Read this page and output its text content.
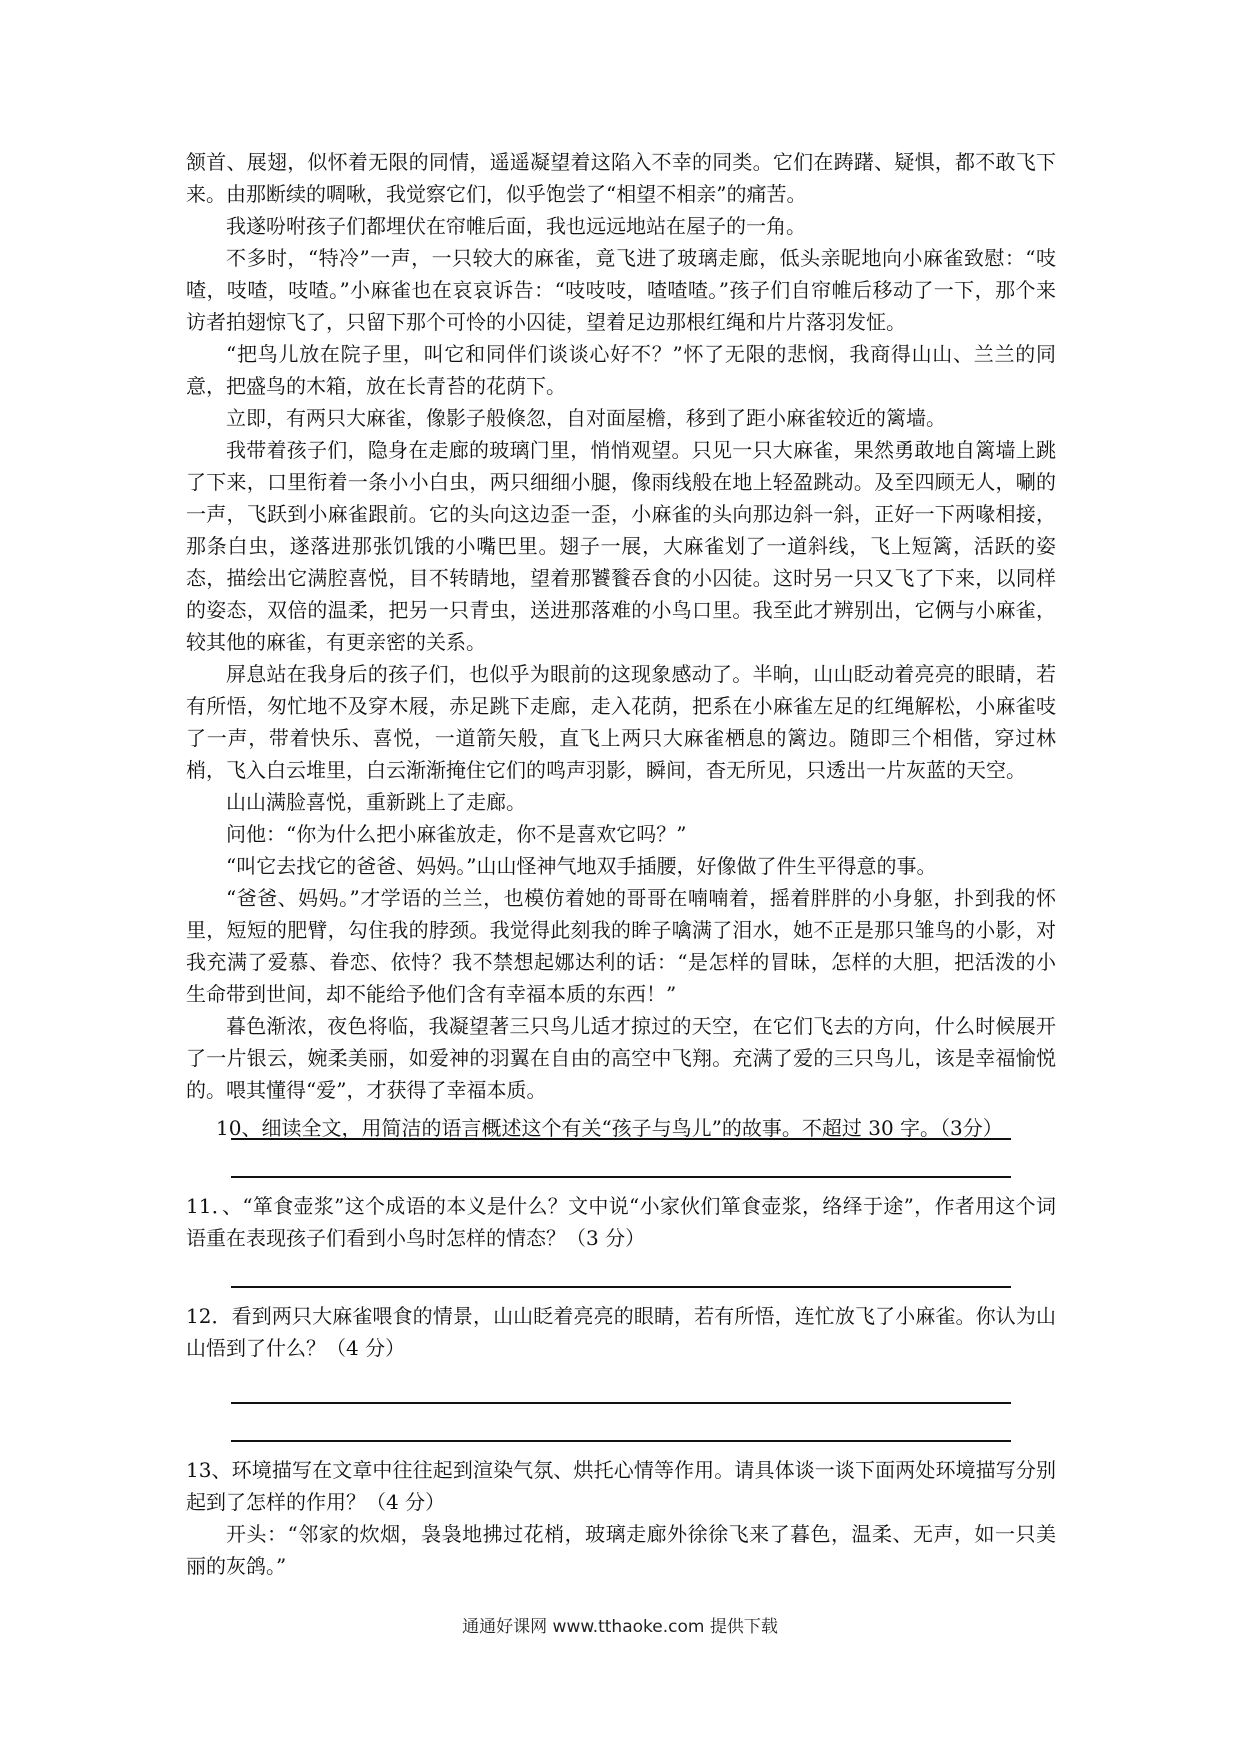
颔首、展翅，似怀着无限的同情，遥遥凝望着这陷入不幸的同类。它们在踌躇、疑惧，都不敢飞下来。由那断续的啁啾，我觉察它们，似乎饱尝了“相望不相亲”的痛苦。

我遂吩咐孩子们都埋伏在帘帷后面，我也远远地站在屋子的一角。

不多时，“特冷”一声，一只较大的麻雀，竟飞进了玻璃走廊，低头亲昵地向小麻雀致慰：“吱喳，吱喳，吱喳。”小麻雀也在哀哀诉告：“吱吱吱，喳喳喳。”孩子们自帘帷后移动了一下，那个来访者拍翅惊飞了，只留下那个可怜的小囚徒，望着足边那根红绳和片片落羽发怔。

“把鸟儿放在院子里，叫它和同伴们谈谈心好不？”怀了无限的悲悯，我商得山山、兰兰的同意，把盛鸟的木箱，放在长青苔的花荫下。

立即，有两只大麻雀，像影子般倏忽，自对面屋檐，移到了距小麻雀较近的篱墙。

我带着孩子们，隐身在走廊的玻璃门里，悄悄观望。只见一只大麻雀，果然勇敢地自篱墙上跳了下来，口里衔着一条小小白虫，两只细细小腿，像雨线般在地上轻盈跳动。及至四顾无人，唰的一声，飞跃到小麻雀跟前。它的头向这边歪一歪，小麻雀的头向那边斜一斜，正好一下两喙相接，那条白虫，遂落进那张饥饿的小嘴巴里。翅子一展，大麻雀划了一道斜线，飞上短篱，活跃的姿态，描绘出它满腔喜悦，目不转睛地，望着那饕餮吞食的小囚徒。这时另一只又飞了下来，以同样的姿态，双倍的温柔，把另一只青虫，送进那落难的小鸟口里。我至此才辨别出，它俩与小麻雀，较其他的麻雀，有更亲密的关系。

屏息站在我身后的孩子们，也似乎为眼前的这现象感动了。半晌，山山眨动着亮亮的眼睛，若有所悟，匆忙地不及穿木屐，赤足跳下走廊，走入花荫，把系在小麻雀左足的红绳解松，小麻雀吱了一声，带着快乐、喜悦，一道箭矢般，直飞上两只大麻雀栖息的篱边。随即三个相偕，穿过林梢，飞入白云堆里，白云渐渐掩住它们的鸣声羽影，瞬间，杳无所见，只透出一片灰蓝的天空。

山山满脸喜悦，重新跳上了走廊。

问他：“你为什么把小麻雀放走，你不是喜欢它吗？”

“叫它去找它的爸爸、妈妈。”山山怪神气地双手插腰，好像做了件生平得意的事。

“爸爸、妈妈。”才学语的兰兰，也模仿着她的哥哥在喃喃着，摇着胖胖的小身躯，扑到我的怀里，短短的肥臂，勾住我的脖颈。我觉得此刻我的眸子噙满了泪水，她不正是那只雏鸟的小影，对我充满了爱慕、眷恋、依恃？我不禁想起娜达利的话：“是怎样的冒昧，怎样的大胆，把活泼的小生命带到世间，却不能给予他们含有幸福本质的东西！”

暮色渐浓，夜色将临，我凝望著三只鸟儿适才掠过的天空，在它们飞去的方向，什么时候展开了一片银云，婉柔美丽，如爱神的羽翼在自由的高空中飞翔。充满了爱的三只鸟儿，该是幸福愉悦的。喂其懂得“爱”，才获得了幸福本质。

10、细读全文，用简洁的语言概述这个有关“孩子与鸟儿”的故事。不超过 30 字。（3分）

11．、“箪食壶浆”这个成语的本义是什么？文中说“小家伙们箪食壶浆，络绎于途”，作者用这个词语重在表现孩子们看到小鸟时怎样的情态？（3 分）

12．看到两只大麻雀喂食的情景，山山眨着亮亮的眼睛，若有所悟，连忙放飞了小麻雀。你认为山山悟到了什么？（4 分）

13、环境描写在文章中往往起到渲染气氛、烘托心情等作用。请具体谈一谈下面两处环境描写分别起到了怎样的作用？（4 分）

开头：“邻家的炊烟，袅袅地拂过花梢，玻璃走廊外徐徐飞来了暮色，温柔、无声，如一只美丽的灰鸽。”

通通好课网 www.tthaoke.com 提供下载
